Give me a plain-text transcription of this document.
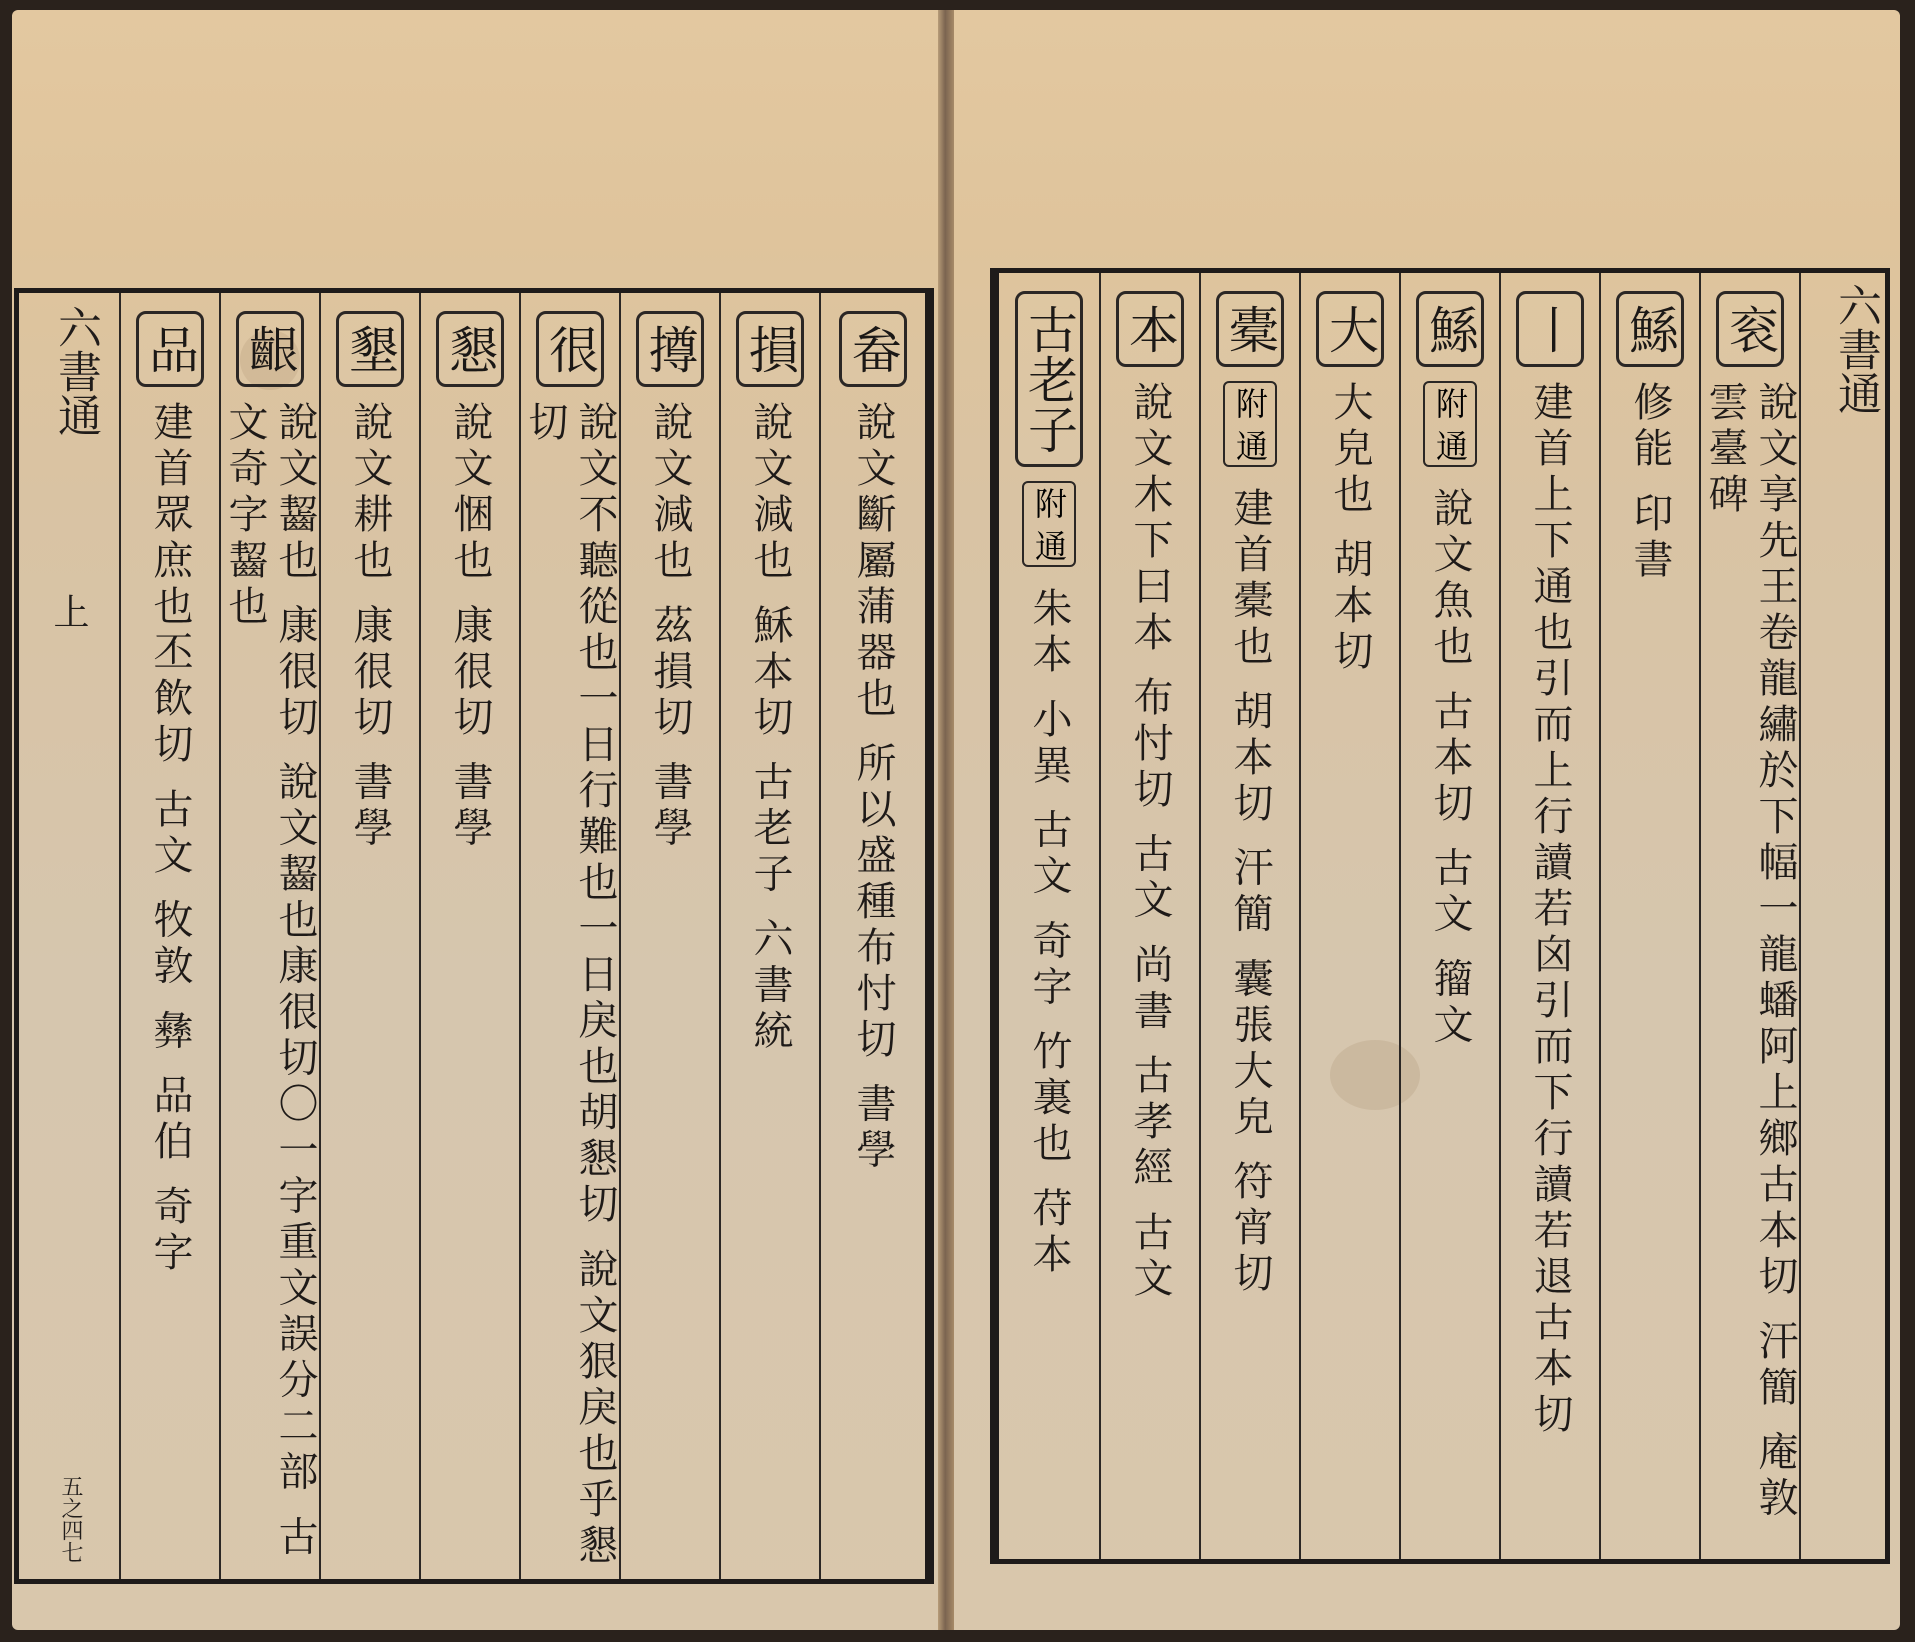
六書通
上
五之四七
品
建首眾庶也丕飲切 古文 牧敦 彝 品伯 奇字
齦
說文齧也 康很切 說文齧也康很切〇一字重文誤分二部 古文奇字齧也
墾
說文耕也 康很切 書學
懇
說文悃也 康很切 書學
很
說文不聽從也一日行難也一日戾也胡懇切 說文狠戾也乎懇切
撙
說文減也 茲損切 書學
損
說文減也 穌本切 古老子 六書統
畚
說文斷屬蒲器也 所以盛種布忖切 書學
古老子
附 通
朱本 小異 古文 奇字 竹裏也 苻本
本
說文木下曰本 布忖切 古文 尚書 古孝經 古文
橐
附 通
建首橐也 胡本切 汗簡 囊張大皃 符宵切
大
大皃也 胡本切
鯀
附 通
說文魚也 古本切 古文 籀文
丨
建首上下通也引而上行讀若囟引而下行讀若退古本切
鯀
修能 印書
衮
說文享先王卷龍繡於下幅一龍蟠阿上鄉古本切 汗簡 庵敦 雲臺碑
六書通
